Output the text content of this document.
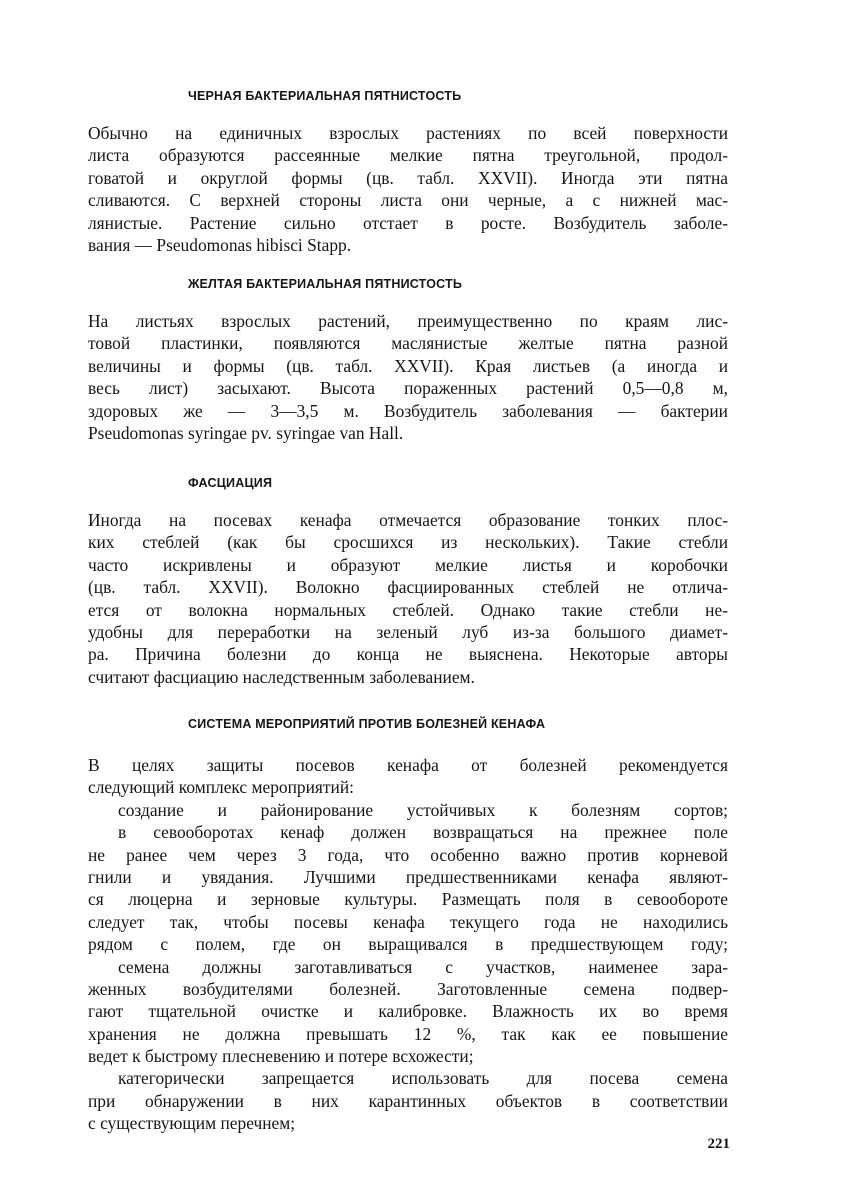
ЧЕРНАЯ БАКТЕРИАЛЬНАЯ ПЯТНИСТОСТЬ
Обычно на единичных взрослых растениях по всей поверхности
листа образуются рассеянные мелкие пятна треугольной, продол-
говатой и округлой формы (цв. табл. XXVII). Иногда эти пятна
сливаются. С верхней стороны листа они черные, а с нижней мас-
лянистые. Растение сильно отстает в росте. Возбудитель заболе-
вания — Pseudomonas hibisci Stapp.
ЖЕЛТАЯ БАКТЕРИАЛЬНАЯ ПЯТНИСТОСТЬ
На листьях взрослых растений, преимущественно по краям лис-
товой пластинки, появляются маслянистые желтые пятна разной
величины и формы (цв. табл. XXVII). Края листьев (а иногда и
весь лист) засыхают. Высота пораженных растений 0,5—0,8 м,
здоровых же — 3—3,5 м. Возбудитель заболевания — бактерии
Pseudomonas syringae pv. syringae van Hall.
ФАСЦИАЦИЯ
Иногда на посевах кенафа отмечается образование тонких плос-
ких стеблей (как бы сросшихся из нескольких). Такие стебли
часто искривлены и образуют мелкие листья и коробочки
(цв. табл. XXVII). Волокно фасциированных стеблей не отлича-
ется от волокна нормальных стеблей. Однако такие стебли не-
удобны для переработки на зеленый луб из-за большого диамет-
ра. Причина болезни до конца не выяснена. Некоторые авторы
считают фасциацию наследственным заболеванием.
СИСТЕМА МЕРОПРИЯТИЙ ПРОТИВ БОЛЕЗНЕЙ КЕНАФА
В целях защиты посевов кенафа от болезней рекомендуется
следующий комплекс мероприятий:
создание и районирование устойчивых к болезням сортов;
в севооборотах кенаф должен возвращаться на прежнее поле
не ранее чем через 3 года, что особенно важно против корневой
гнили и увядания. Лучшими предшественниками кенафа являют-
ся люцерна и зерновые культуры. Размещать поля в севообороте
следует так, чтобы посевы кенафа текущего года не находились
рядом с полем, где он выращивался в предшествующем году;
семена должны заготавливаться с участков, наименее зара-
женных возбудителями болезней. Заготовленные семена подвер-
гают тщательной очистке и калибровке. Влажность их во время
хранения не должна превышать 12 %, так как ее повышение
ведет к быстрому плесневению и потере всхожести;
категорически запрещается использовать для посева семена
при обнаружении в них карантинных объектов в соответствии
с существующим перечнем;
221
